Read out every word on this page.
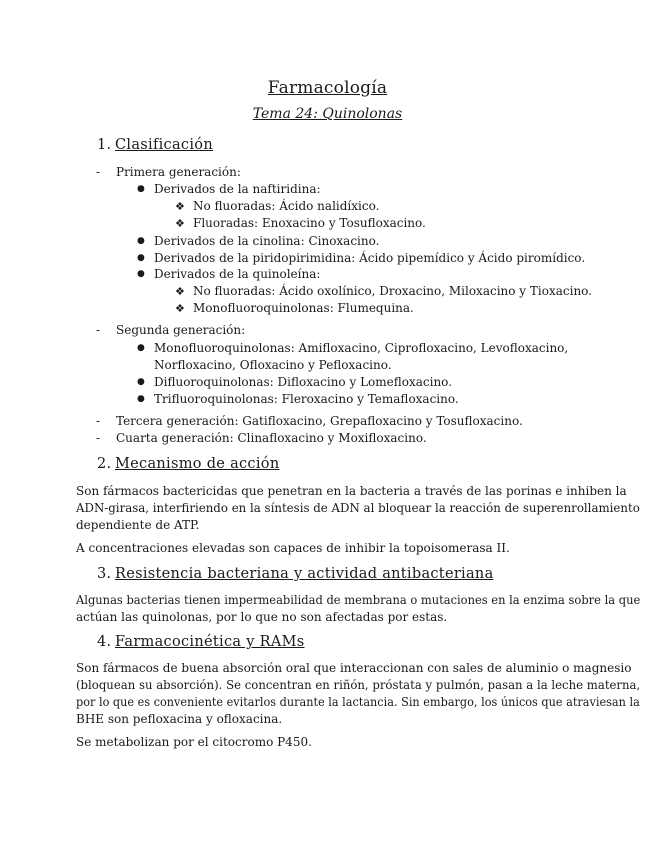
Farmacología
Tema 24: Quinolonas
1. Clasificación
- Primera generación:
● Derivados de la naftiridina:
❖ No fluoradas: Ácido nalidíxico.
❖ Fluoradas: Enoxacino y Tosufloxacino.
● Derivados de la cinolina: Cinoxacino.
● Derivados de la piridopirimidina: Ácido pipemídico y Ácido piromídico.
● Derivados de la quinoleína:
❖ No fluoradas: Ácido oxolínico, Droxacino, Miloxacino y Tioxacino.
❖ Monofluoroquinolonas: Flumequina.
- Segunda generación:
● Monofluoroquinolonas: Amifloxacino, Ciprofloxacino, Levofloxacino,
Norfloxacino, Ofloxacino y Pefloxacino.
● Difluoroquinolonas: Difloxacino y Lomefloxacino.
● Trifluoroquinolonas: Fleroxacino y Temafloxacino.
- Tercera generación: Gatifloxacino, Grepafloxacino y Tosufloxacino.
- Cuarta generación: Clinafloxacino y Moxifloxacino.
2. Mecanismo de acción
Son fármacos bactericidas que penetran en la bacteria a través de las porinas e inhiben la
ADN-girasa, interfiriendo en la síntesis de ADN al bloquear la reacción de superenrollamiento
dependiente de ATP.
A concentraciones elevadas son capaces de inhibir la topoisomerasa II.
3. Resistencia bacteriana y actividad antibacteriana
Algunas bacterias tienen impermeabilidad de membrana o mutaciones en la enzima sobre la que
actúan las quinolonas, por lo que no son afectadas por estas.
4. Farmacocinética y RAMs
Son fármacos de buena absorción oral que interaccionan con sales de aluminio o magnesio
(bloquean su absorción). Se concentran en riñón, próstata y pulmón, pasan a la leche materna,
por lo que es conveniente evitarlos durante la lactancia. Sin embargo, los únicos que atraviesan la
BHE son pefloxacina y ofloxacina.
Se metabolizan por el citocromo P450.
